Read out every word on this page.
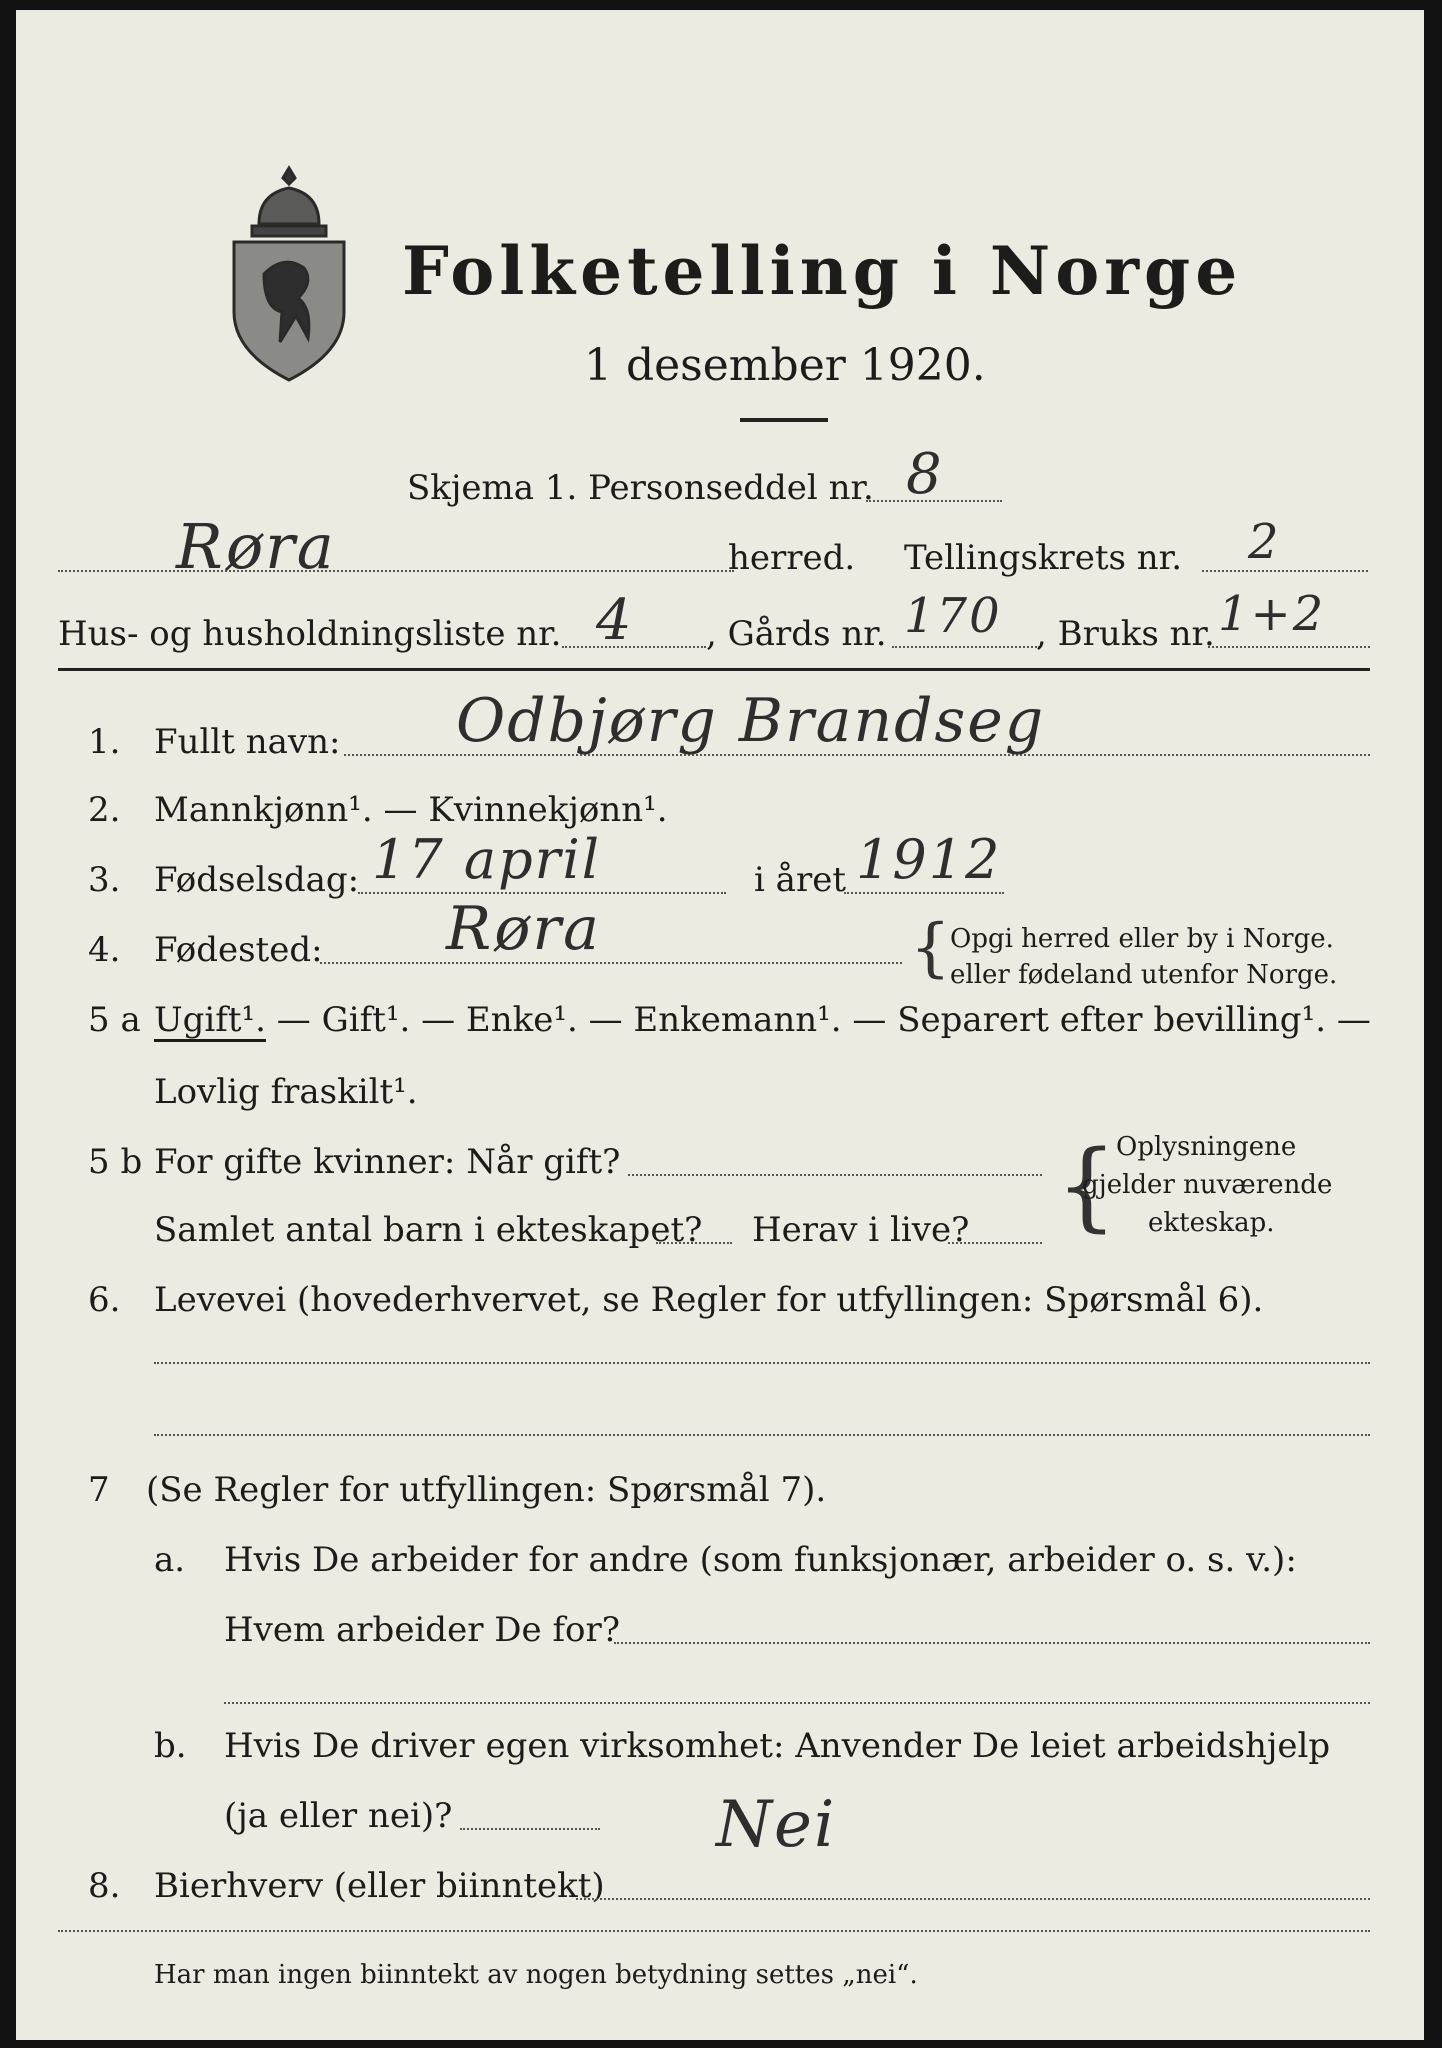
Folketelling i Norge
1 desember 1920.
Skjema 1. Personseddel nr. 8
Røra	herred. Tellingskrets nr. 2
Hus- og husholdningsliste nr. 4 , Gårds nr. 170 , Bruks nr. 1+2
1. Fullt navn: Odbjørg Brandseg
2. Mannkjønn¹. — Kvinnekjønn¹.
3. Fødselsdag: 17 april	i året 1912
4. Fødested: Røra	{ Opgi herred eller by i Norge.
eller fødeland utenfor Norge.
5 a Ugift¹. — Gift¹. — Enke¹. — Enkemann¹. — Separert efter bevilling¹. —
Lovlig fraskilt¹.
5 b For gifte kvinner: Når gift?
Samlet antal barn i ekteskapet? Herav i live? {
Oplysningene
gjelder nuværende
ekteskap.
6. Levevei (hovederhvervet, se Regler for utfyllingen: Spørsmål 6).
7 (Se Regler for utfyllingen: Spørsmål 7).
a. Hvis De arbeider for andre (som funksjonær, arbeider o. s. v.):
Hvem arbeider De for?
b. Hvis De driver egen virksomhet: Anvender De leiet arbeidshjelp
(ja eller nei)?
8. Bierhverv (eller biinntekt)
Nei
Har man ingen biinntekt av nogen betydning settes „nei“.
